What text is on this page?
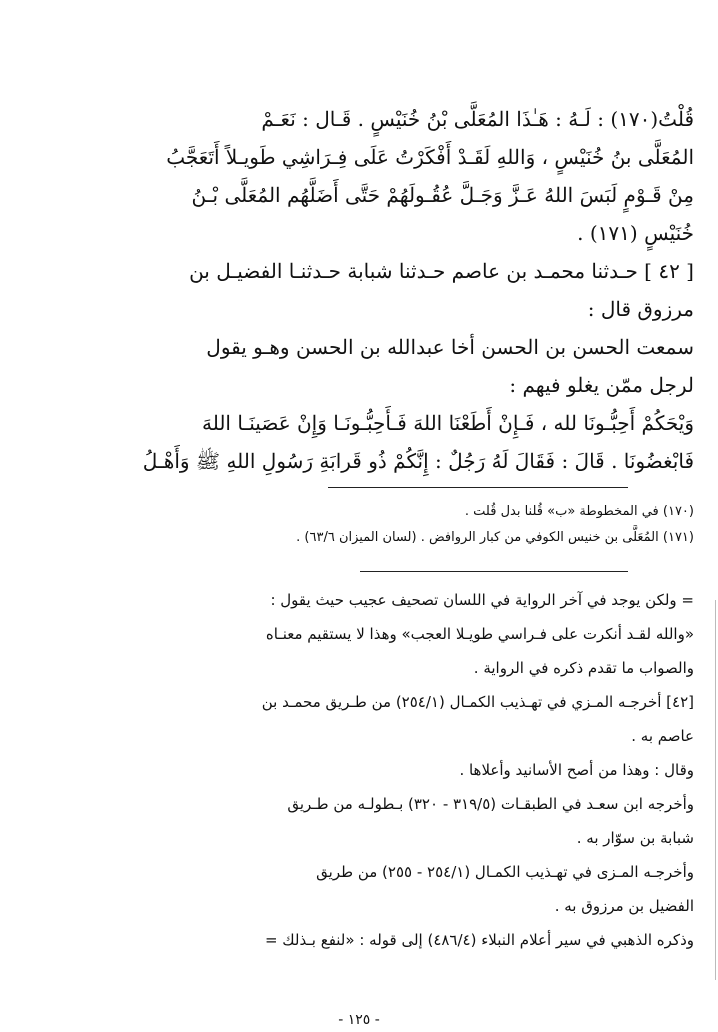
قُلْتُ(١٧٠) : لَـهُ : هَـٰذَا المُعَلَّى بْنُ خُنَيْسٍ . قَـال : نَعَـمْ
المُعَلَّى بنُ خُنَيْسٍ ، وَاللهِ لَقَـدْ أَفْكَرْتُ عَلَى فِـرَاشِي طَويـلاً أَتَعَجَّبُ
مِنْ قَـوْمٍ لَبَسَ اللهُ عَـزَّ وَجَـلَّ عُقُـولَهُمْ حَتَّى أَضَلَّهُم المُعَلَّى بْـنُ
خُنَيْسٍ (١٧١) .
[ ٤٢ ] حـدثنا محمـد بن عاصم حـدثنا شبابة حـدثنـا الفضيـل بن
مرزوق قال :
سمعت الحسن بن الحسن أخا عبدالله بن الحسن وهـو يقول
لرجل ممّن يغلو فيهم :
وَيْحَكُمْ أَحِبُّـونَا لله ، فَـإِنْ أَطَعْنَا اللهَ فَـأَحِبُّـونَـا وَإِنْ عَصَينَـا اللهَ
فَابْغضُونَا . قَالَ : فَقَالَ لَهُ رَجُلٌ : إِنَّكُمْ ذُو قَرابَةِ رَسُولِ اللهِ ﷺ وَأَهْـلُ
(١٧٠) في المخطوطة «ب» قُلنا بدل قُلت .
(١٧١) المُعَلَّى بن خنيس الكوفي من كبار الروافض . (لسان الميزان ٦٣/٦) .
= ولكن يوجد في آخر الرواية في اللسان تصحيف عجيب حيث يقول :
«والله لقـد أنكرت على فـراسي طويـلا العجب» وهذا لا يستقيم معنـاه
والصواب ما تقدم ذكره في الرواية .
[٤٢] أخرجـه المـزي في تهـذيب الكمـال (٢٥٤/١) من طـريق محمـد بن
عاصم به .
وقال : وهذا من أصح الأسانيد وأعلاها .
وأخرجه ابن سعـد في الطبقـات (٣١٩/٥ - ٣٢٠) بـطولـه من طـريق
شبابة بن سوّار به .
وأخرجـه المـزى في تهـذيب الكمـال (٢٥٤/١ - ٢٥٥) من طريق
الفضيل بن مرزوق به .
وذكره الذهبي في سير أعلام النبلاء (٤٨٦/٤) إلى قوله : «لنفع بـذلك =
- ١٢٥ -
